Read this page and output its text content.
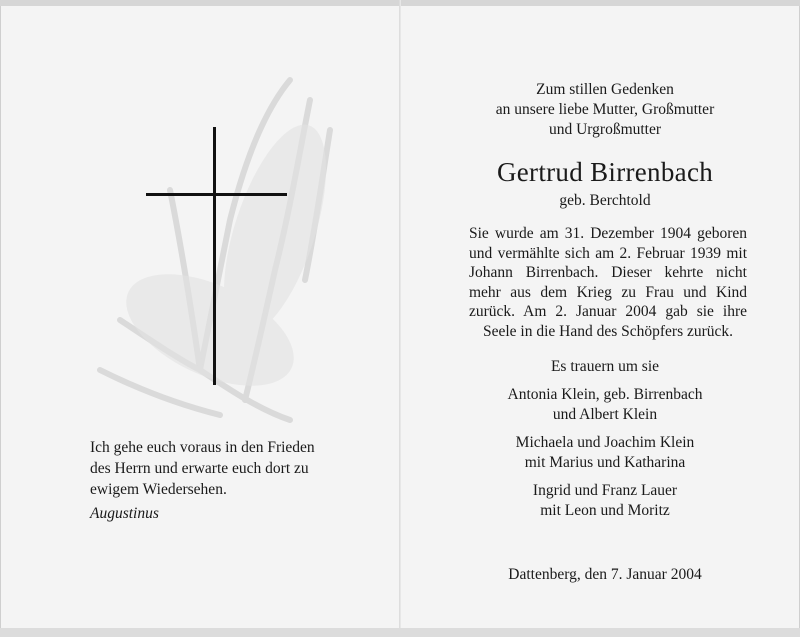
Ich gehe euch voraus in den Frieden
des Herrn und erwarte euch dort zu
ewigem Wiedersehen.
Augustinus
Zum stillen Gedenken
an unsere liebe Mutter, Großmutter
und Urgroßmutter
Gertrud Birrenbach
geb. Berchtold
Sie wurde am 31. Dezember 1904 geboren und vermählte sich am 2. Februar 1939 mit Johann Birrenbach. Dieser kehrte nicht mehr aus dem Krieg zu Frau und Kind zurück. Am 2. Januar 2004 gab sie ihre Seele in die Hand des Schöpfers zurück.
Es trauern um sie
Antonia Klein, geb. Birrenbach
und Albert Klein
Michaela und Joachim Klein
mit Marius und Katharina
Ingrid und Franz Lauer
mit Leon und Moritz
Dattenberg, den 7. Januar 2004
